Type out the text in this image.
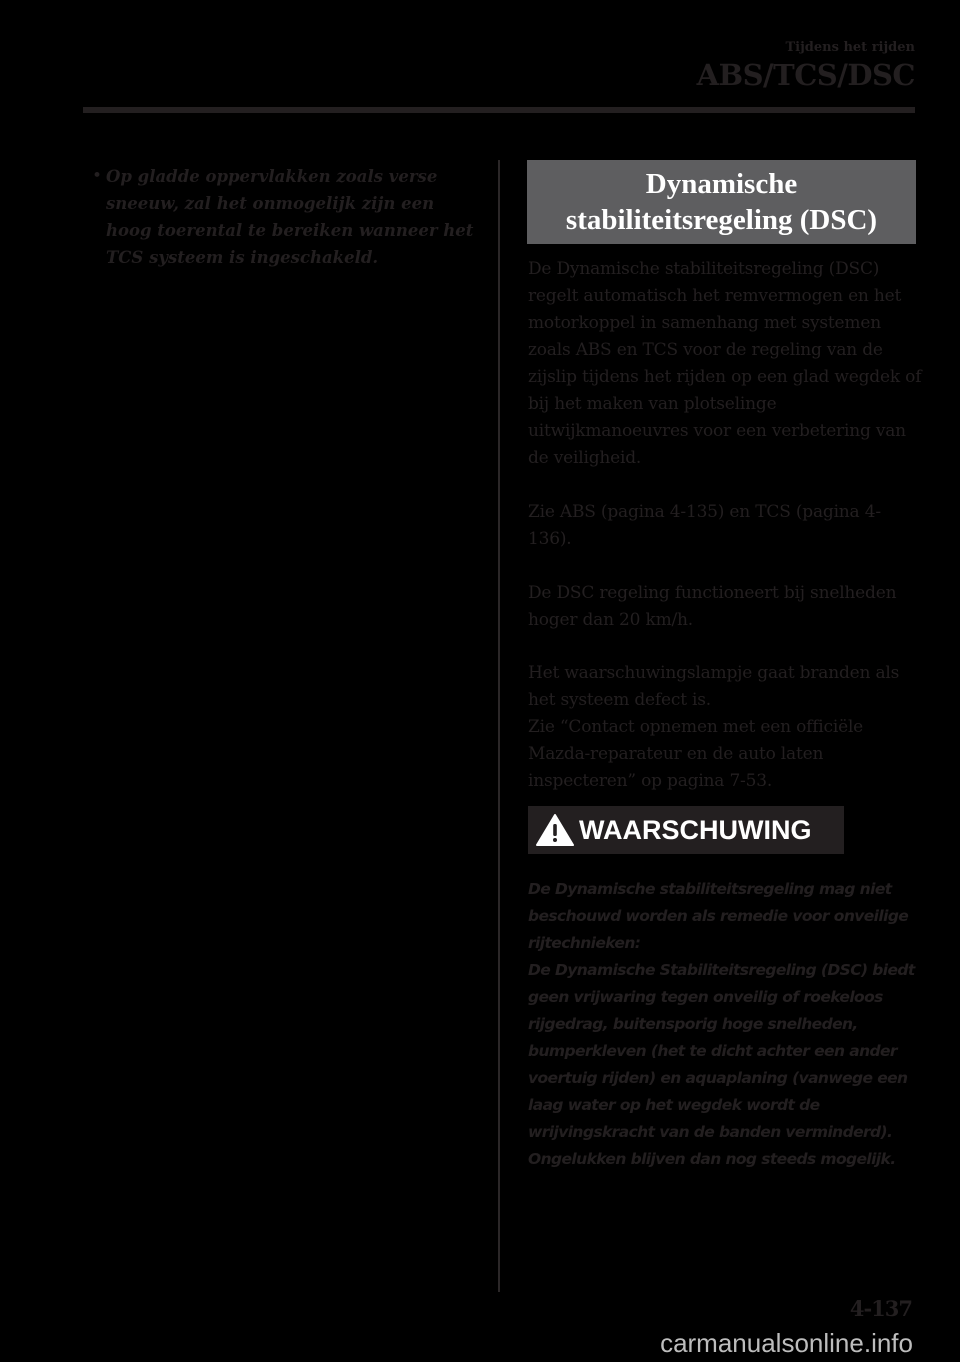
Tijdens het rijden
ABS/TCS/DSC
• Op gladde oppervlakken zoals verse sneeuw, zal het onmogelijk zijn een hoog toerental te bereiken wanneer het TCS systeem is ingeschakeld.
Dynamische
stabiliteitsregeling (DSC)
De Dynamische stabiliteitsregeling (DSC) regelt automatisch het remvermogen en het motorkoppel in samenhang met systemen zoals ABS en TCS voor de regeling van de zijslip tijdens het rijden op een glad wegdek of bij het maken van plotselinge uitwijkmanoeuvres voor een verbetering van de veiligheid.
Zie ABS (pagina 4-135) en TCS (pagina 4-136).
De DSC regeling functioneert bij snelheden hoger dan 20 km/h.
Het waarschuwingslampje gaat branden als het systeem defect is.
Zie “Contact opnemen met een officiële Mazda-reparateur en de auto laten inspecteren” op pagina 7-53.
WAARSCHUWING
De Dynamische stabiliteitsregeling mag niet beschouwd worden als remedie voor onveilige rijtechnieken:
De Dynamische Stabiliteitsregeling (DSC) biedt geen vrijwaring tegen onveilig of roekeloos rijgedrag, buitensporig hoge snelheden, bumperkleven (het te dicht achter een ander voertuig rijden) en aquaplaning (vanwege een laag water op het wegdek wordt de wrijvingskracht van de banden verminderd). Ongelukken blijven dan nog steeds mogelijk.
4-137
carmanualsonline.info
